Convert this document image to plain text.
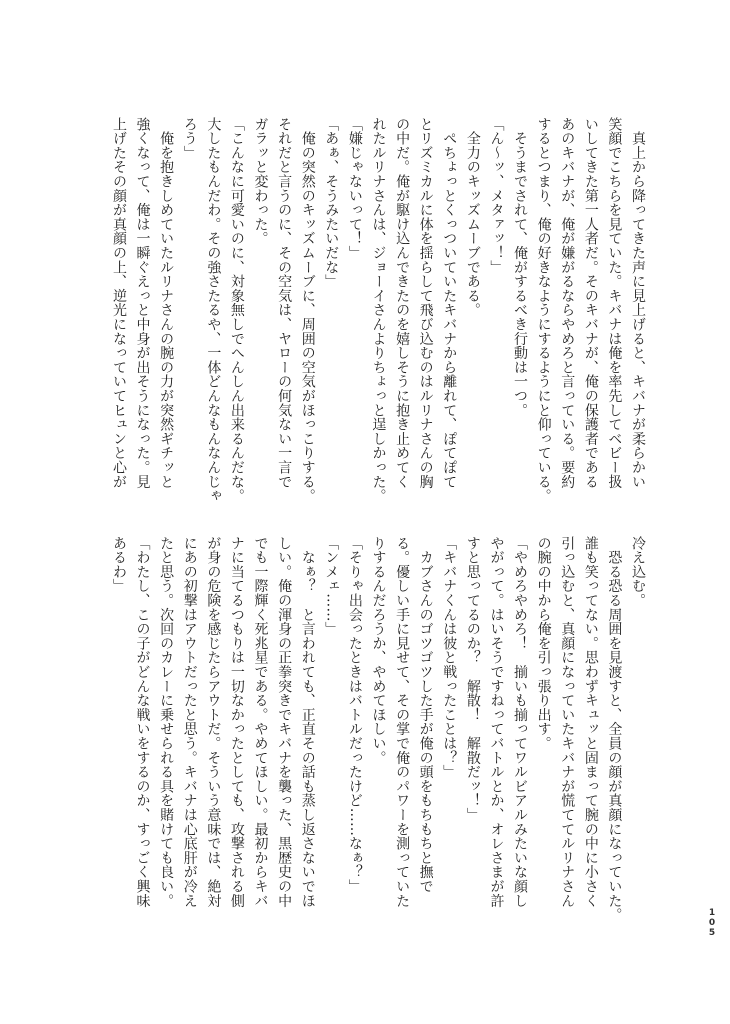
　真上から降ってきた声に見上げると、キバナが柔らかい
笑顔でこちらを見ていた。キバナは俺を率先してベビー扱
いしてきた第一人者だ。そのキバナが、俺の保護者である
あのキバナが、俺が嫌がるならやめろと言っている。要約
するとつまり、俺の好きなようにするようにと仰っている。
　そうまでされて、俺がするべき行動は一つ。
「ん〜ッ、メタァッ！」
　全力のキッズムーブである。
　ぺちょっとくっついていたキバナから離れて、ぽてぽて
とリズミカルに体を揺らして飛び込むのはルリナさんの胸
の中だ。俺が駆け込んできたのを嬉しそうに抱き止めてく
れたルリナさんは、ジョーイさんよりちょっと逞しかった。
「嫌じゃないって！」
「あぁ、そうみたいだな」
　俺の突然のキッズムーブに、周囲の空気がほっこりする。
それだと言うのに、その空気は、ヤローの何気ない一言で
ガラッと変わった。
「こんなに可愛いのに、対象無しでへんしん出来るんだな。
大したもんだわ。その強さたるや、一体どんなもんなんじゃ
ろう」
　俺を抱きしめていたルリナさんの腕の力が突然ギチッと
強くなって、俺は一瞬ぐえっと中身が出そうになった。見
上げたその顔が真顔の上、逆光になっていてヒュンと心が
冷え込む。
　恐る恐る周囲を見渡すと、全員の顔が真顔になっていた。
誰も笑ってない。思わずキュッと固まって腕の中に小さく
引っ込むと、真顔になっていたキバナが慌ててルリナさん
の腕の中から俺を引っ張り出す。
「やめろやめろ！　揃いも揃ってワルビアルみたいな顔し
やがって。はいそうですねってバトルとか、オレさまが許
すと思ってるのか？　解散！　解散だッ！」
「キバナくんは彼と戦ったことは？」
　カブさんのゴツゴツした手が俺の頭をもちもちと撫で
る。優しい手に見せて、その掌で俺のパワーを測っていた
りするんだろうか、やめてほしい。
「そりゃ出会ったときはバトルだったけど……なぁ？」
「ンメェ……」
　なぁ？　と言われても、正直その話も蒸し返さないでほ
しい。俺の渾身の正拳突きでキバナを襲った、黒歴史の中
でも一際輝く死兆星である。やめてほしい。最初からキバ
ナに当てるつもりは一切なかったとしても、攻撃される側
が身の危険を感じたらアウトだ。そういう意味では、絶対
にあの初撃はアウトだったと思う。キバナは心底肝が冷え
たと思う。次回のカレーに乗せられる具を賭けても良い。
「わたし、この子がどんな戦いをするのか、すっごく興味
あるわ」
105
